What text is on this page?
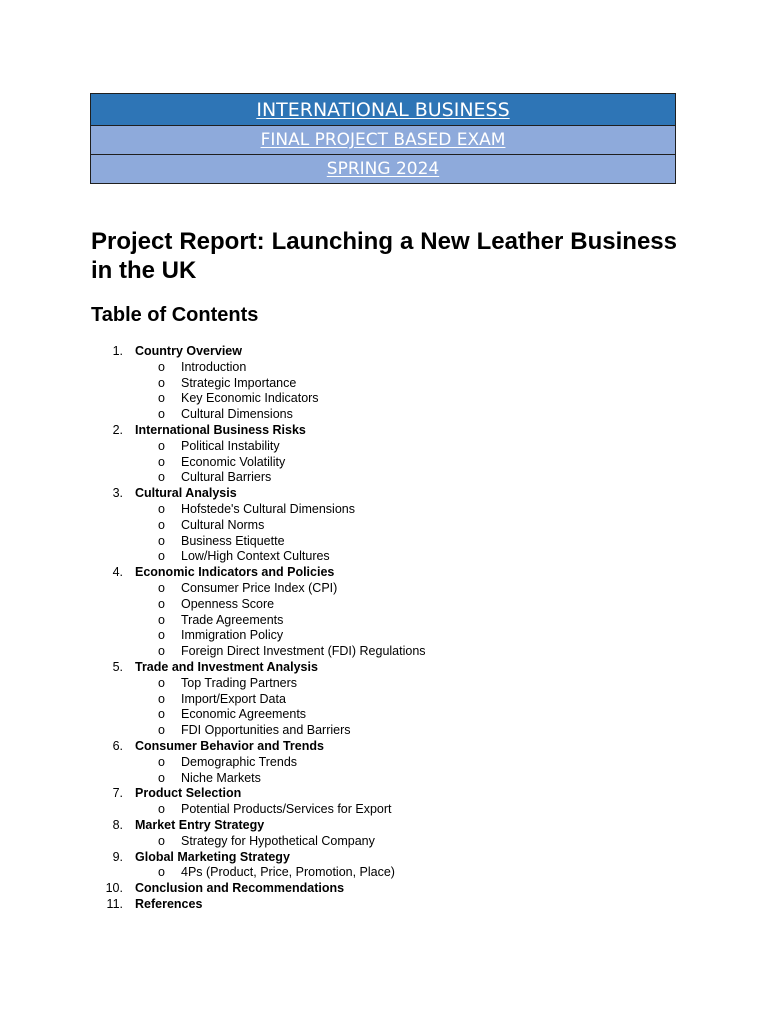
INTERNATIONAL BUSINESS
FINAL PROJECT BASED EXAM
SPRING 2024
Project Report: Launching a New Leather Business in the UK
Table of Contents
1. Country Overview
o Introduction
o Strategic Importance
o Key Economic Indicators
o Cultural Dimensions
2. International Business Risks
o Political Instability
o Economic Volatility
o Cultural Barriers
3. Cultural Analysis
o Hofstede's Cultural Dimensions
o Cultural Norms
o Business Etiquette
o Low/High Context Cultures
4. Economic Indicators and Policies
o Consumer Price Index (CPI)
o Openness Score
o Trade Agreements
o Immigration Policy
o Foreign Direct Investment (FDI) Regulations
5. Trade and Investment Analysis
o Top Trading Partners
o Import/Export Data
o Economic Agreements
o FDI Opportunities and Barriers
6. Consumer Behavior and Trends
o Demographic Trends
o Niche Markets
7. Product Selection
o Potential Products/Services for Export
8. Market Entry Strategy
o Strategy for Hypothetical Company
9. Global Marketing Strategy
o 4Ps (Product, Price, Promotion, Place)
10. Conclusion and Recommendations
11. References
